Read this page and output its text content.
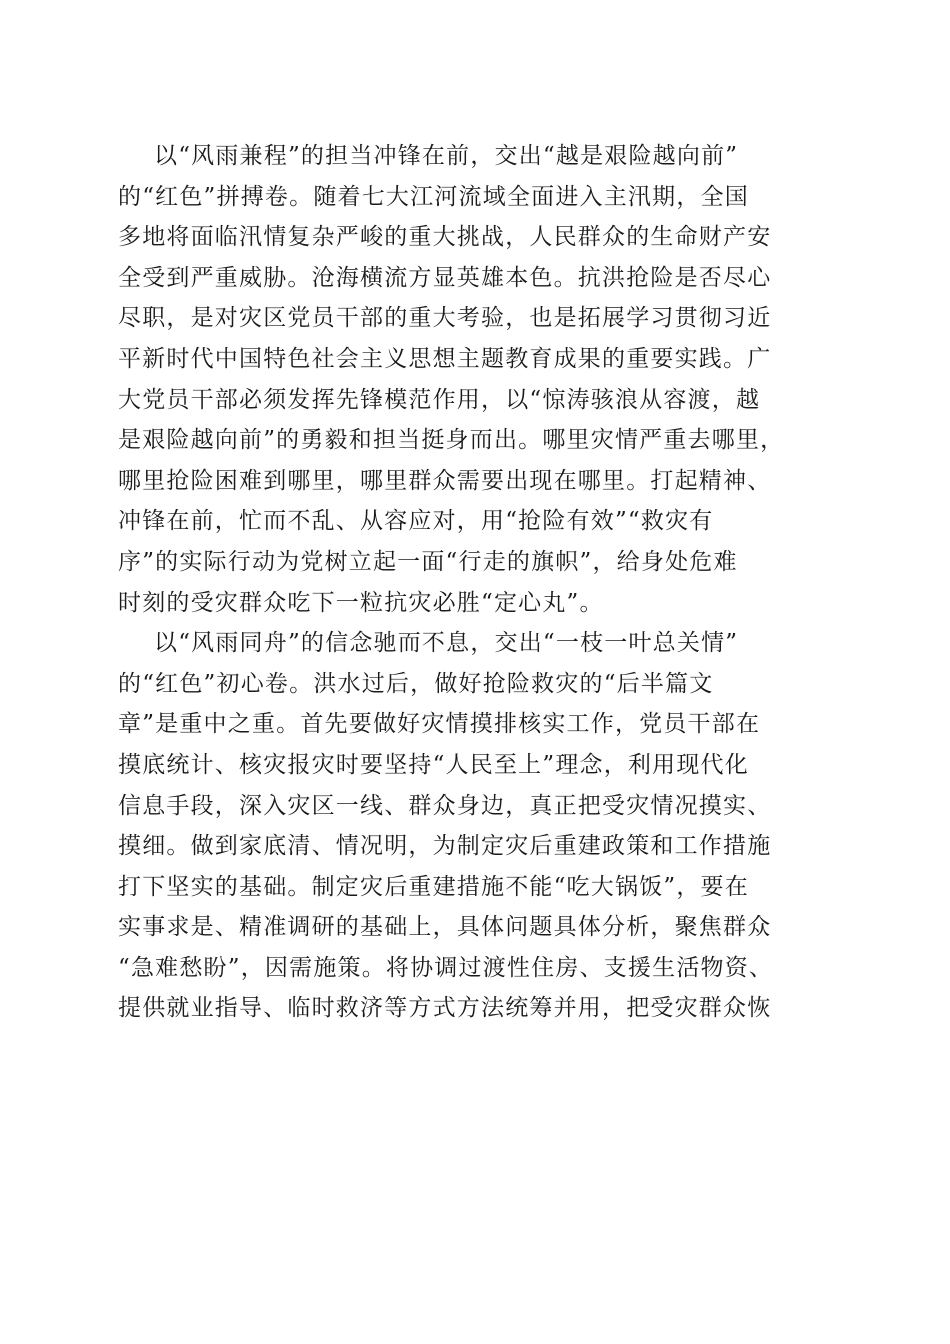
以“风雨兼程”的担当冲锋在前，交出“越是艰险越向前”
的“红色”拼搏卷。随着七大江河流域全面进入主汛期，全国
多地将面临汛情复杂严峻的重大挑战，人民群众的生命财产安
全受到严重威胁。沧海横流方显英雄本色。抗洪抢险是否尽心
尽职，是对灾区党员干部的重大考验，也是拓展学习贯彻习近
平新时代中国特色社会主义思想主题教育成果的重要实践。广
大党员干部必须发挥先锋模范作用，以“惊涛骇浪从容渡，越
是艰险越向前”的勇毅和担当挺身而出。哪里灾情严重去哪里，
哪里抢险困难到哪里，哪里群众需要出现在哪里。打起精神、
冲锋在前，忙而不乱、从容应对，用“抢险有效”“救灾有
序”的实际行动为党树立起一面“行走的旗帜”，给身处危难
时刻的受灾群众吃下一粒抗灾必胜“定心丸”。

以“风雨同舟”的信念驰而不息，交出“一枝一叶总关情”
的“红色”初心卷。洪水过后，做好抢险救灾的“后半篇文
章”是重中之重。首先要做好灾情摸排核实工作，党员干部在
摸底统计、核灾报灾时要坚持“人民至上”理念，利用现代化
信息手段，深入灾区一线、群众身边，真正把受灾情况摸实、
摸细。做到家底清、情况明，为制定灾后重建政策和工作措施
打下坚实的基础。制定灾后重建措施不能“吃大锅饭”，要在
实事求是、精准调研的基础上，具体问题具体分析，聚焦群众
“急难愁盼”，因需施策。将协调过渡性住房、支援生活物资、
提供就业指导、临时救济等方式方法统筹并用，把受灾群众恢
